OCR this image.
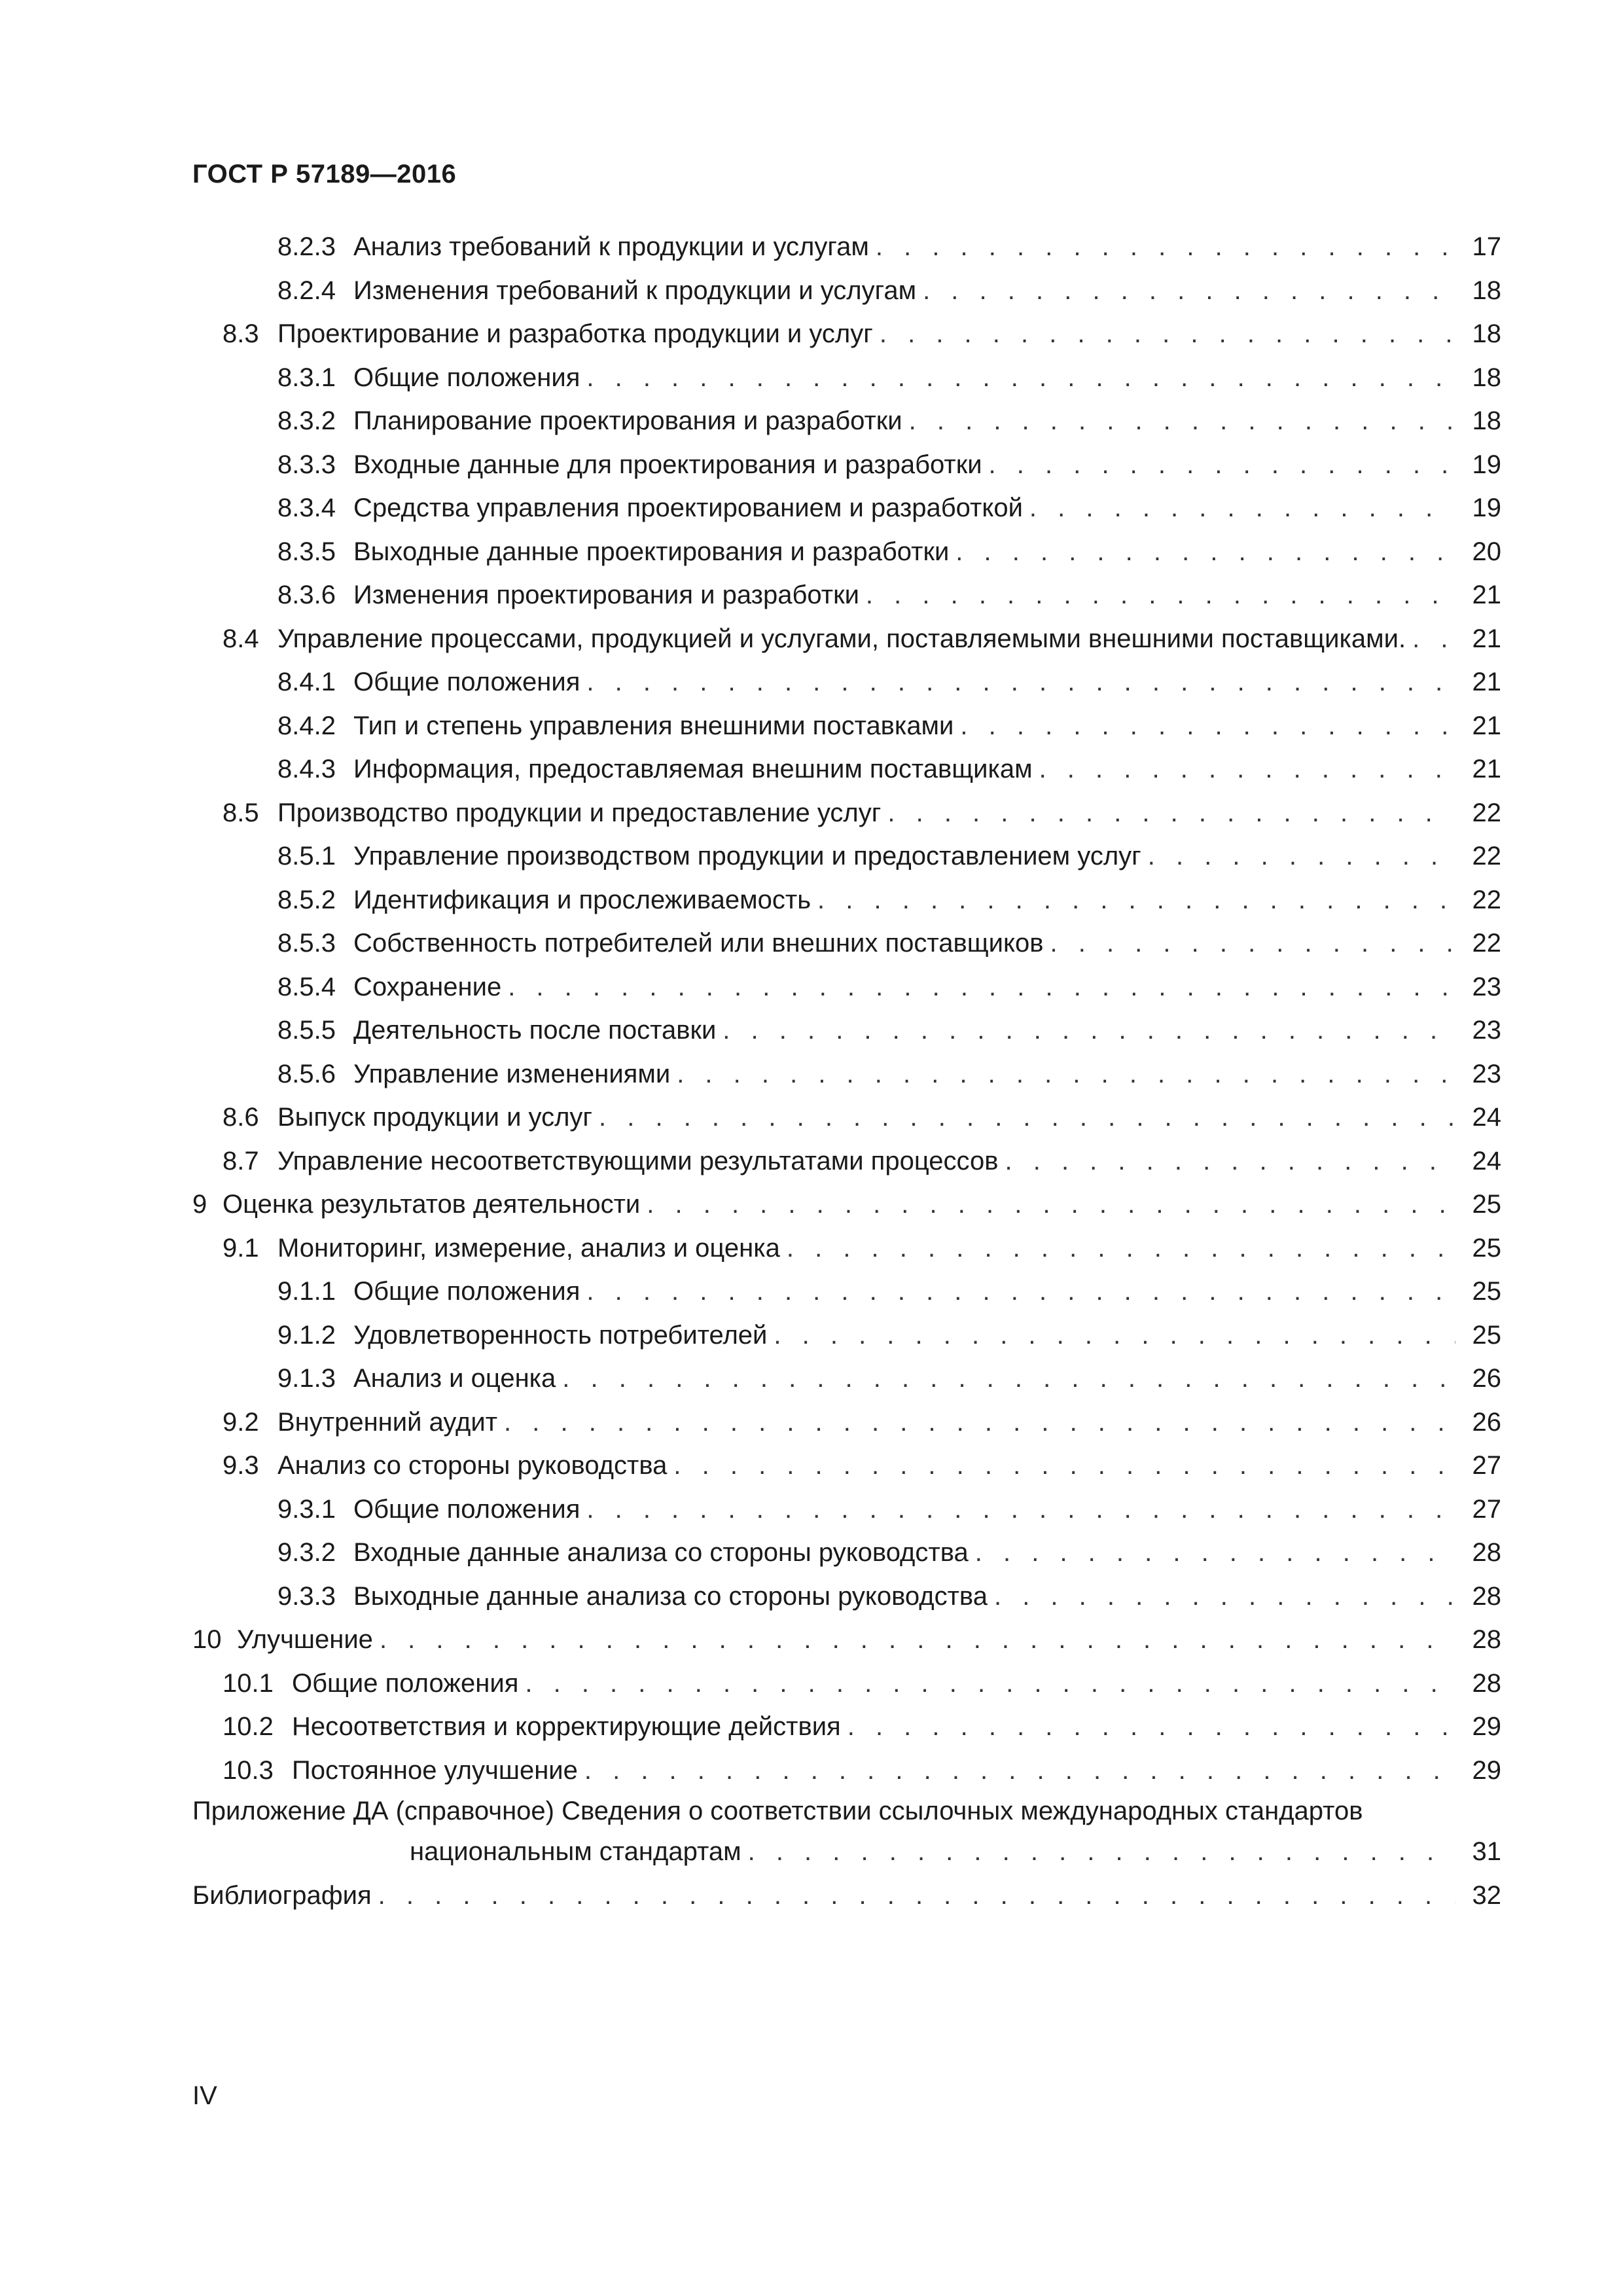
ГОСТ Р 57189—2016
8.2.3 Анализ требований к продукции и услугам . . .	17
8.2.4 Изменения требований к продукции и услугам . . .	18
8.3 Проектирование и разработка продукции и услуг . . .	18
8.3.1 Общие положения . . .	18
8.3.2 Планирование проектирования и разработки . . .	18
8.3.3 Входные данные для проектирования и разработки . . .	19
8.3.4 Средства управления проектированием и разработкой . . .	19
8.3.5 Выходные данные проектирования и разработки . . .	20
8.3.6 Изменения проектирования и разработки . . .	21
8.4 Управление процессами, продукцией и услугами, поставляемыми внешними поставщиками. . . .	21
8.4.1 Общие положения . . .	21
8.4.2 Тип и степень управления внешними поставками . . .	21
8.4.3 Информация, предоставляемая внешним поставщикам . . .	21
8.5 Производство продукции и предоставление услуг . . .	22
8.5.1 Управление производством продукции и предоставлением услуг . . .	22
8.5.2 Идентификация и прослеживаемость . . .	22
8.5.3 Собственность потребителей или внешних поставщиков . . .	22
8.5.4 Сохранение . . .	23
8.5.5 Деятельность после поставки . . .	23
8.5.6 Управление изменениями . . .	23
8.6 Выпуск продукции и услуг . . .	24
8.7 Управление несоответствующими результатами процессов . . .	24
9 Оценка результатов деятельности . . .	25
9.1 Мониторинг, измерение, анализ и оценка . . .	25
9.1.1 Общие положения . . .	25
9.1.2 Удовлетворенность потребителей . . .	25
9.1.3 Анализ и оценка . . .	26
9.2 Внутренний аудит . . .	26
9.3 Анализ со стороны руководства . . .	27
9.3.1 Общие положения . . .	27
9.3.2 Входные данные анализа со стороны руководства . . .	28
9.3.3 Выходные данные анализа со стороны руководства . . .	28
10 Улучшение . . .	28
10.1 Общие положения . . .	28
10.2 Несоответствия и корректирующие действия . . .	29
10.3 Постоянное улучшение . . .	29
Приложение ДА (справочное) Сведения о соответствии ссылочных международных стандартов
национальным стандартам . . .	31
Библиография . . .	32
IV
